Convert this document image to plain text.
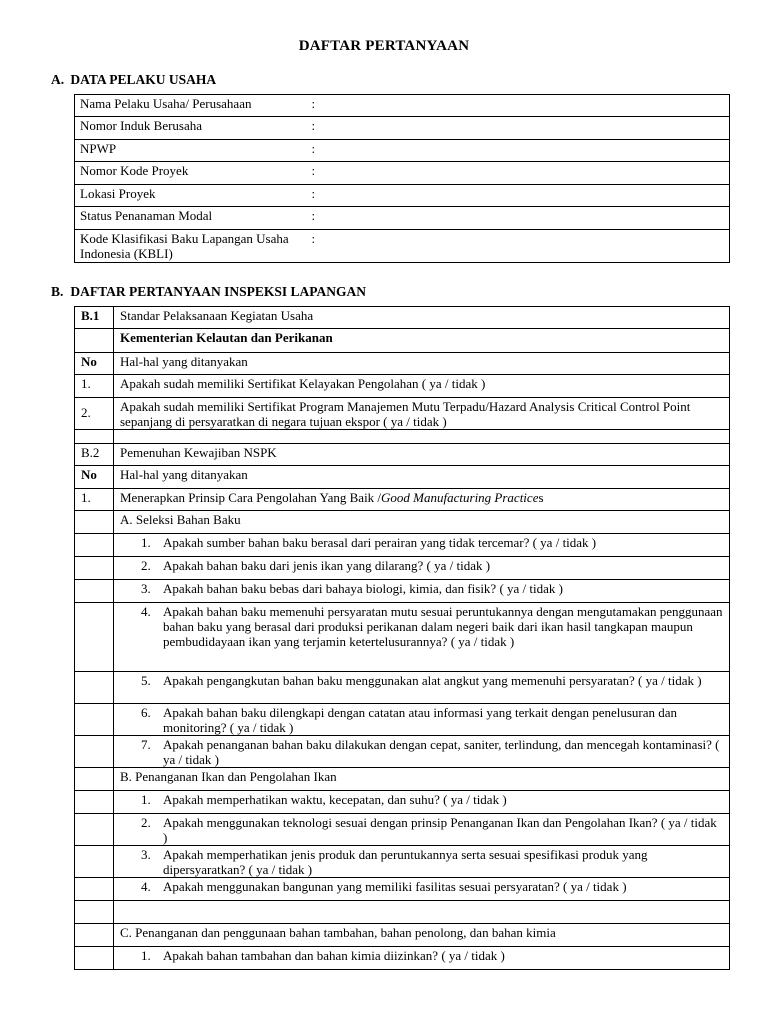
DAFTAR PERTANYAAN
A. DATA PELAKU USAHA
Nama Pelaku Usaha/ Perusahaan	:
Nomor Induk Berusaha	:
NPWP	:
Nomor Kode Proyek	:
Lokasi Proyek	:
Status Penanaman Modal	:
Kode Klasifikasi Baku Lapangan Usaha Indonesia (KBLI)	:
B. DAFTAR PERTANYAAN INSPEKSI LAPANGAN
B.1	Standar Pelaksanaan Kegiatan Usaha
	Kementerian Kelautan dan Perikanan
No	Hal-hal yang ditanyakan
1.	Apakah sudah memiliki Sertifikat Kelayakan Pengolahan ( ya / tidak )
2.	Apakah sudah memiliki Sertifikat Program Manajemen Mutu Terpadu/Hazard Analysis Critical Control Point sepanjang di persyaratkan di negara tujuan ekspor ( ya / tidak )

B.2	Pemenuhan Kewajiban NSPK
No	Hal-hal yang ditanyakan
1.	Menerapkan Prinsip Cara Pengolahan Yang Baik /Good Manufacturing Practices
	A. Seleksi Bahan Baku

	1. Apakah sumber bahan baku berasal dari perairan yang tidak tercemar? ( ya / tidak )

	2. Apakah bahan baku dari jenis ikan yang dilarang? ( ya / tidak )

	3. Apakah bahan baku bebas dari bahaya biologi, kimia, dan fisik? ( ya / tidak )

	4. Apakah bahan baku memenuhi persyaratan mutu sesuai peruntukannya dengan mengutamakan penggunaan bahan baku yang berasal dari produksi perikanan dalam negeri baik dari ikan hasil tangkapan maupun pembudidayaan ikan yang terjamin ketertelusurannya? ( ya / tidak )

	5. Apakah pengangkutan bahan baku menggunakan alat angkut yang memenuhi persyaratan? ( ya / tidak )

	6. Apakah bahan baku dilengkapi dengan catatan atau informasi yang terkait dengan penelusuran dan monitoring? ( ya / tidak )

	7. Apakah penanganan bahan baku dilakukan dengan cepat, saniter, terlindung, dan mencegah kontaminasi? ( ya / tidak )

	B. Penanganan Ikan dan Pengolahan Ikan

	1. Apakah memperhatikan waktu, kecepatan, dan suhu? ( ya / tidak )

	2. Apakah menggunakan teknologi sesuai dengan prinsip Penanganan Ikan dan Pengolahan Ikan? ( ya / tidak )

	3. Apakah memperhatikan jenis produk dan peruntukannya serta sesuai spesifikasi produk yang dipersyaratkan? ( ya / tidak )

	4. Apakah menggunakan bangunan yang memiliki fasilitas sesuai persyaratan? ( ya / tidak )

	C. Penanganan dan penggunaan bahan tambahan, bahan penolong, dan bahan kimia

	1. Apakah bahan tambahan dan bahan kimia diizinkan? ( ya / tidak )
